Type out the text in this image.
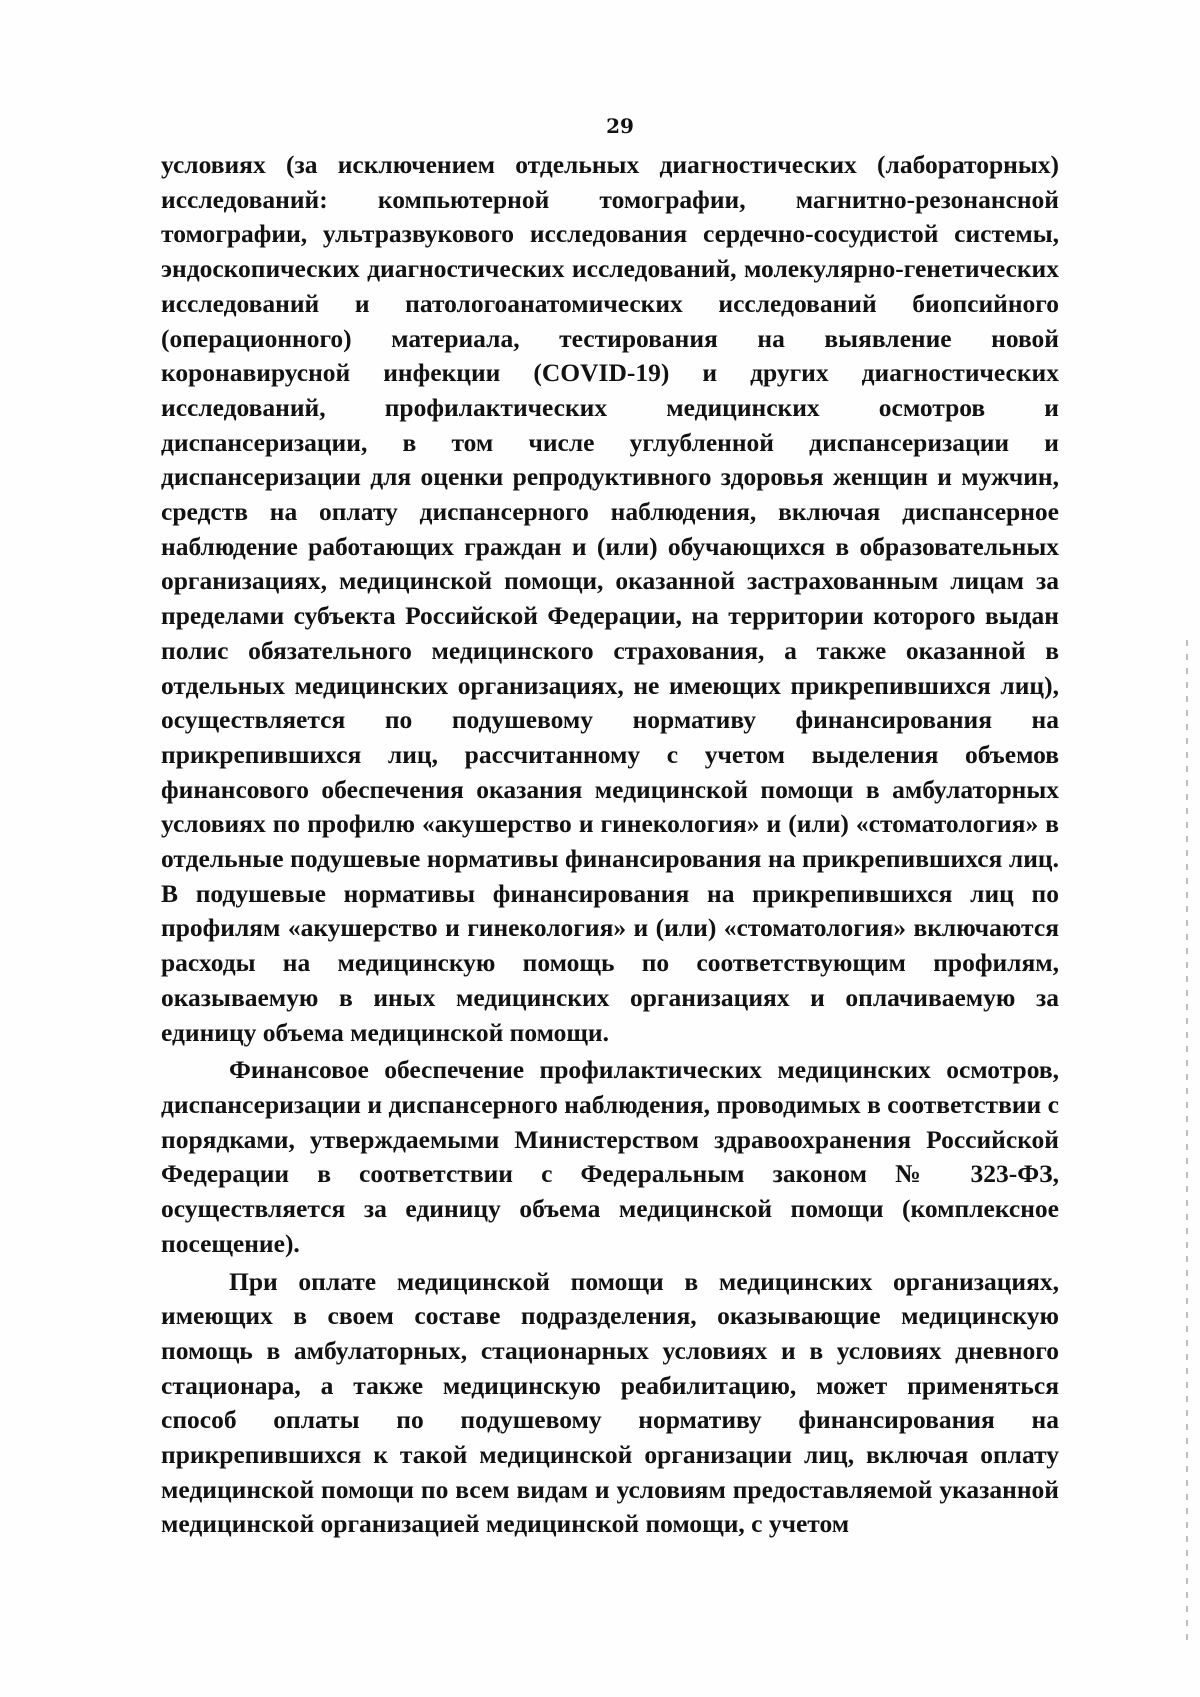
29

условиях (за исключением отдельных диагностических (лабораторных) исследований: компьютерной томографии, магнитно-резонансной томографии, ультразвукового исследования сердечно-сосудистой системы, эндоскопических диагностических исследований, молекулярно-генетических исследований и патологоанатомических исследований биопсийного (операционного) материала, тестирования на выявление новой коронавирусной инфекции (COVID-19) и других диагностических исследований, профилактических медицинских осмотров и диспансеризации, в том числе углубленной диспансеризации и диспансеризации для оценки репродуктивного здоровья женщин и мужчин, средств на оплату диспансерного наблюдения, включая диспансерное наблюдение работающих граждан и (или) обучающихся в образовательных организациях, медицинской помощи, оказанной застрахованным лицам за пределами субъекта Российской Федерации, на территории которого выдан полис обязательного медицинского страхования, а также оказанной в отдельных медицинских организациях, не имеющих прикрепившихся лиц), осуществляется по подушевому нормативу финансирования на прикрепившихся лиц, рассчитанному с учетом выделения объемов финансового обеспечения оказания медицинской помощи в амбулаторных условиях по профилю «акушерство и гинекология» и (или) «стоматология» в отдельные подушевые нормативы финансирования на прикрепившихся лиц. В подушевые нормативы финансирования на прикрепившихся лиц по профилям «акушерство и гинекология» и (или) «стоматология» включаются расходы на медицинскую помощь по соответствующим профилям, оказываемую в иных медицинских организациях и оплачиваемую за единицу объема медицинской помощи.

Финансовое обеспечение профилактических медицинских осмотров, диспансеризации и диспансерного наблюдения, проводимых в соответствии с порядками, утверждаемыми Министерством здравоохранения Российской Федерации в соответствии с Федеральным законом № 323-ФЗ, осуществляется за единицу объема медицинской помощи (комплексное посещение).

При оплате медицинской помощи в медицинских организациях, имеющих в своем составе подразделения, оказывающие медицинскую помощь в амбулаторных, стационарных условиях и в условиях дневного стационара, а также медицинскую реабилитацию, может применяться способ оплаты по подушевому нормативу финансирования на прикрепившихся к такой медицинской организации лиц, включая оплату медицинской помощи по всем видам и условиям предоставляемой указанной медицинской организацией медицинской помощи, с учетом
